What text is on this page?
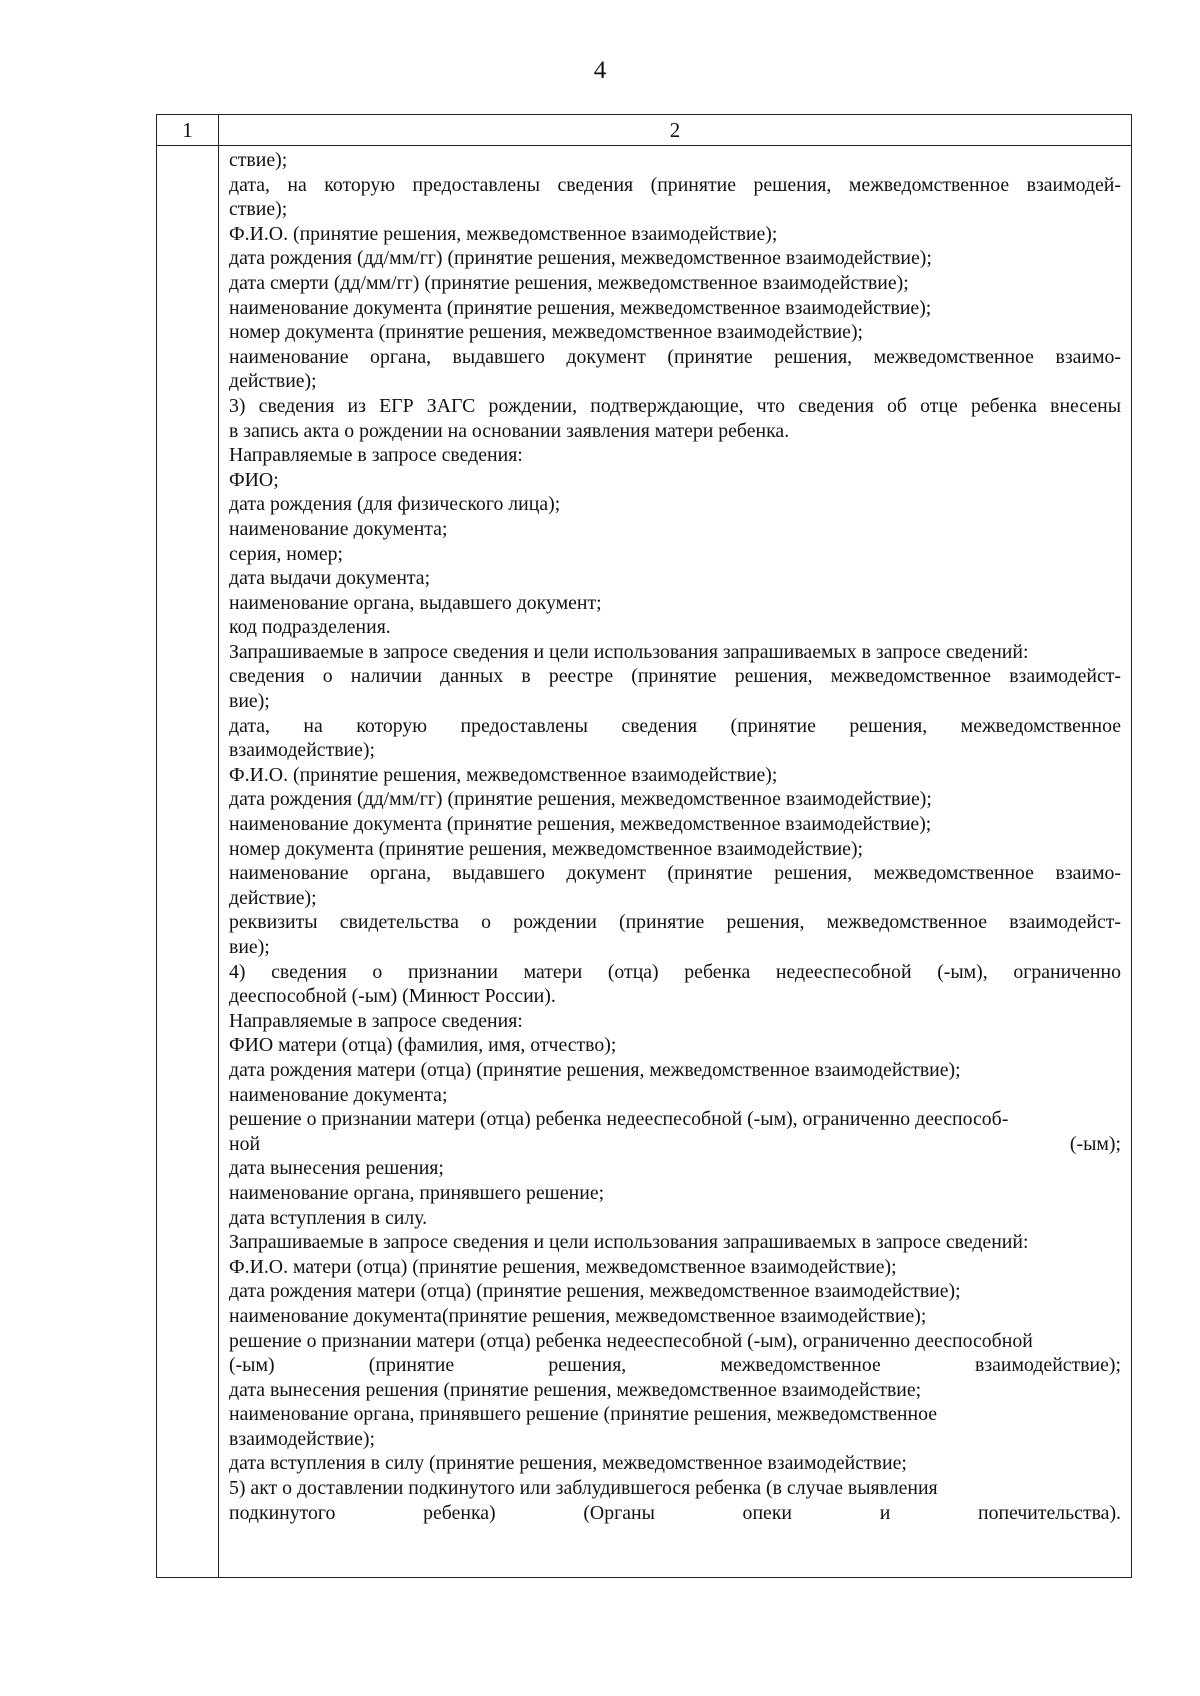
4
1	2
ствие);
дата, на которую предоставлены сведения (принятие решения, межведомственное взаимодей-
ствие);
Ф.И.О. (принятие решения, межведомственное взаимодействие);
дата рождения (дд/мм/гг) (принятие решения, межведомственное взаимодействие);
дата смерти (дд/мм/гг) (принятие решения, межведомственное взаимодействие);
наименование документа (принятие решения, межведомственное взаимодействие);
номер документа (принятие решения, межведомственное взаимодействие);
наименование органа, выдавшего документ (принятие решения, межведомственное взаимо-
действие);
3) сведения из ЕГР ЗАГС рождении, подтверждающие, что сведения об отце ребенка внесены
в запись акта о рождении на основании заявления матери ребенка.
Направляемые в запросе сведения:
ФИО;
дата рождения (для физического лица);
наименование документа;
серия, номер;
дата выдачи документа;
наименование органа, выдавшего документ;
код подразделения.
Запрашиваемые в запросе сведения и цели использования запрашиваемых в запросе сведений:
сведения о наличии данных в реестре (принятие решения, межведомственное взаимодейст-
вие);
дата, на которую предоставлены сведения (принятие решения, межведомственное
взаимодействие);
Ф.И.О. (принятие решения, межведомственное взаимодействие);
дата рождения (дд/мм/гг) (принятие решения, межведомственное взаимодействие);
наименование документа (принятие решения, межведомственное взаимодействие);
номер документа (принятие решения, межведомственное взаимодействие);
наименование органа, выдавшего документ (принятие решения, межведомственное взаимо-
действие);
реквизиты свидетельства о рождении (принятие решения, межведомственное взаимодейст-
вие);
4) сведения о признании матери (отца) ребенка недееспесобной (-ым), ограниченно
дееспособной (-ым) (Минюст России).
Направляемые в запросе сведения:
ФИО матери (отца) (фамилия, имя, отчество);
дата рождения матери (отца) (принятие решения, межведомственное взаимодействие);
наименование документа;
решение о признании матери (отца) ребенка недееспесобной (-ым), ограниченно дееспособ-
ной (-ым);
дата вынесения решения;
наименование органа, принявшего решение;
дата вступления в силу.
Запрашиваемые в запросе сведения и цели использования запрашиваемых в запросе сведений:
Ф.И.О. матери (отца) (принятие решения, межведомственное взаимодействие);
дата рождения матери (отца) (принятие решения, межведомственное взаимодействие);
наименование документа(принятие решения, межведомственное взаимодействие);
решение о признании матери (отца) ребенка недееспесобной (-ым), ограниченно дееспособной
(-ым) (принятие решения, межведомственное взаимодействие);
дата вынесения решения (принятие решения, межведомственное взаимодействие;
наименование органа, принявшего решение (принятие решения, межведомственное
взаимодействие);
дата вступления в силу (принятие решения, межведомственное взаимодействие;
5) акт о доставлении подкинутого или заблудившегося ребенка (в случае выявления
подкинутого ребенка) (Органы опеки и попечительства).
